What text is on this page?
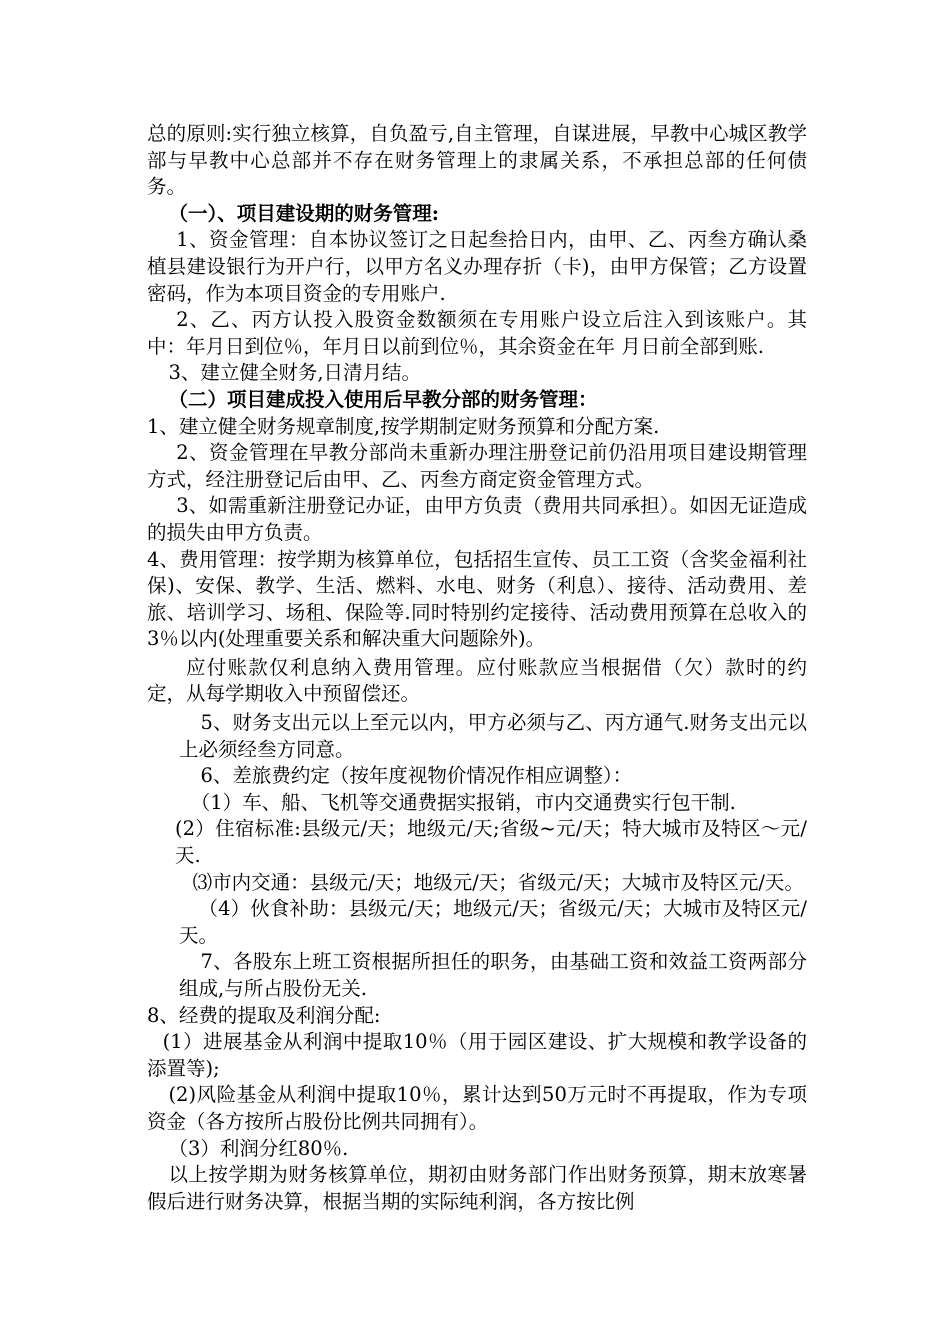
总的原则:实行独立核算，自负盈亏,自主管理，自谋进展，早教中心城区教学部与早教中心总部并不存在财务管理上的隶属关系，不承担总部的任何债务。

（一）、项目建设期的财务管理:

1、资金管理：自本协议签订之日起叁拾日内，由甲、乙、丙叁方确认桑植县建设银行为开户行，以甲方名义办理存折（卡)，由甲方保管；乙方设置密码，作为本项目资金的专用账户.

2、乙、丙方认投入股资金数额须在专用账户设立后注入到该账户。其中：年月日到位％，年月日以前到位％，其余资金在年 月日前全部到账.

3、建立健全财务,日清月结。

（二）项目建成投入使用后早教分部的财务管理：

1、建立健全财务规章制度,按学期制定财务预算和分配方案.

2、资金管理在早教分部尚未重新办理注册登记前仍沿用项目建设期管理方式，经注册登记后由甲、乙、丙叁方商定资金管理方式。

3、如需重新注册登记办证，由甲方负责（费用共同承担）。如因无证造成的损失由甲方负责。

4、费用管理：按学期为核算单位，包括招生宣传、员工工资（含奖金福利社保)、安保、教学、生活、燃料、水电、财务（利息）、接待、活动费用、差旅、培训学习、场租、保险等.同时特别约定接待、活动费用预算在总收入的3％以内(处理重要关系和解决重大问题除外)。

应付账款仅利息纳入费用管理。应付账款应当根据借（欠）款时的约定，从每学期收入中预留偿还。

5、财务支出元以上至元以内，甲方必须与乙、丙方通气.财务支出元以上必须经叁方同意。

6、差旅费约定（按年度视物价情况作相应调整）：

（1）车、船、飞机等交通费据实报销，市内交通费实行包干制.

(2）住宿标准:县级元/天；地级元/天;省级~元/天；特大城市及特区～元/天.

⑶市内交通：县级元/天；地级元/天；省级元/天；大城市及特区元/天。

（4）伙食补助：县级元/天；地级元/天；省级元/天；大城市及特区元/天。

7、各股东上班工资根据所担任的职务，由基础工资和效益工资两部分组成,与所占股份无关.

8、经费的提取及利润分配:

(1）进展基金从利润中提取10％（用于园区建设、扩大规模和教学设备的添置等);

(2)风险基金从利润中提取10％，累计达到50万元时不再提取，作为专项资金（各方按所占股份比例共同拥有）。

（3）利润分红80％.

以上按学期为财务核算单位，期初由财务部门作出财务预算，期末放寒暑假后进行财务决算，根据当期的实际纯利润，各方按比例
